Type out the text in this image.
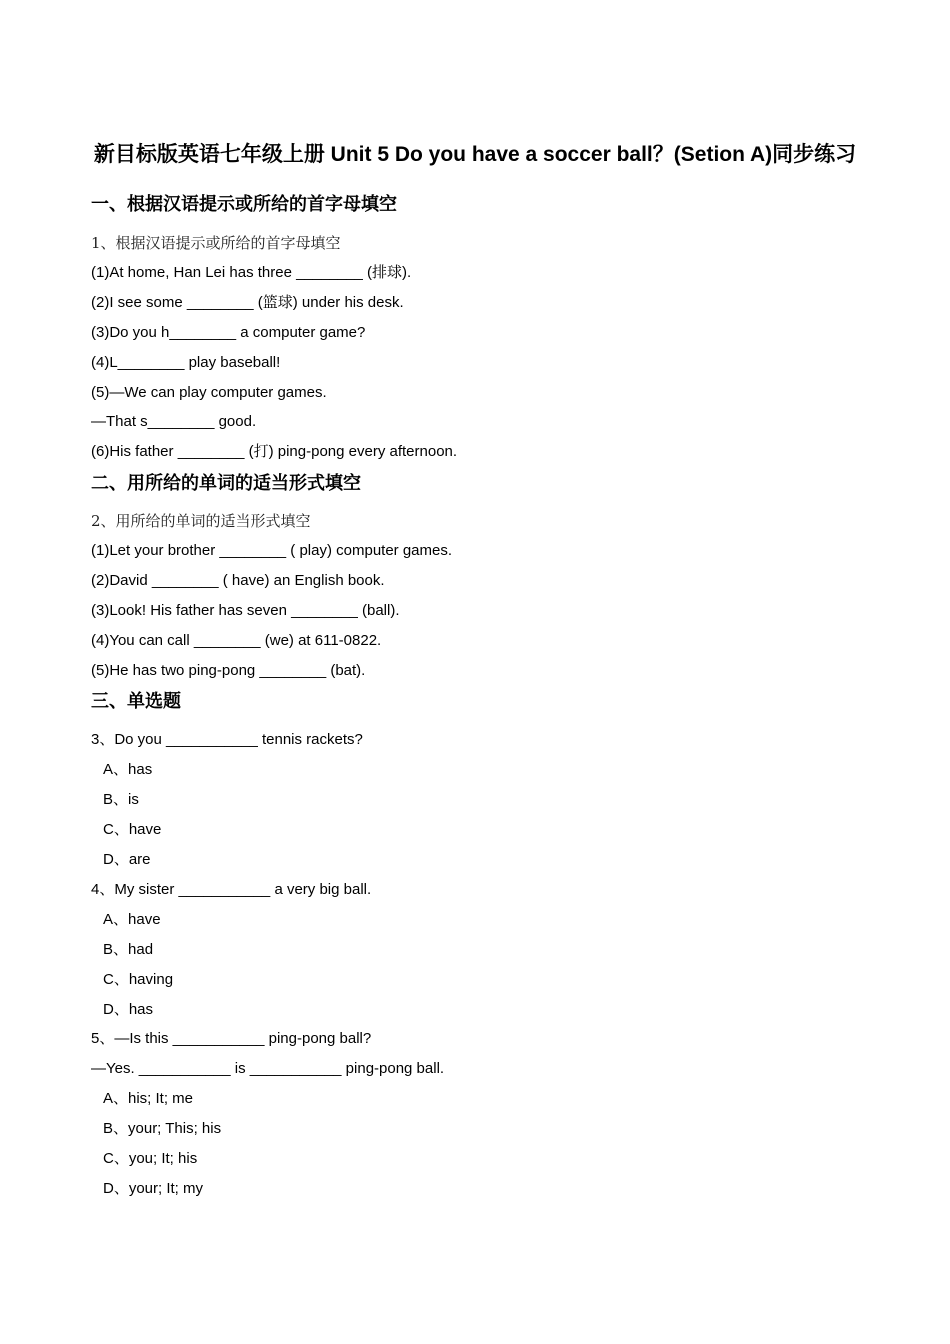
新目标版英语七年级上册 Unit 5 Do you have a soccer ball？(Setion A)同步练习
一、根据汉语提示或所给的首字母填空
1、根据汉语提示或所给的首字母填空
(1)At home, Han Lei has three ________ (排球).
(2)I see some ________ (篮球) under his desk.
(3)Do you h________ a computer game?
(4)L________ play baseball!
(5)—We can play computer games.
—That s________ good.
(6)His father ________ (打) ping-pong every afternoon.
二、用所给的单词的适当形式填空
2、用所给的单词的适当形式填空
(1)Let your brother ________ ( play) computer games.
(2)David ________ ( have) an English book.
(3)Look! His father has seven ________ (ball).
(4)You can call ________ (we) at 611-0822.
(5)He has two ping-pong ________ (bat).
三、单选题
3、Do you ___________ tennis rackets?
A、has
B、is
C、have
D、are
4、My sister ___________ a very big ball.
A、have
B、had
C、having
D、has
5、—Is this ___________ ping-pong ball?
—Yes. ___________ is ___________ ping-pong ball.
A、his; It; me
B、your; This; his
C、you; It; his
D、your; It; my
